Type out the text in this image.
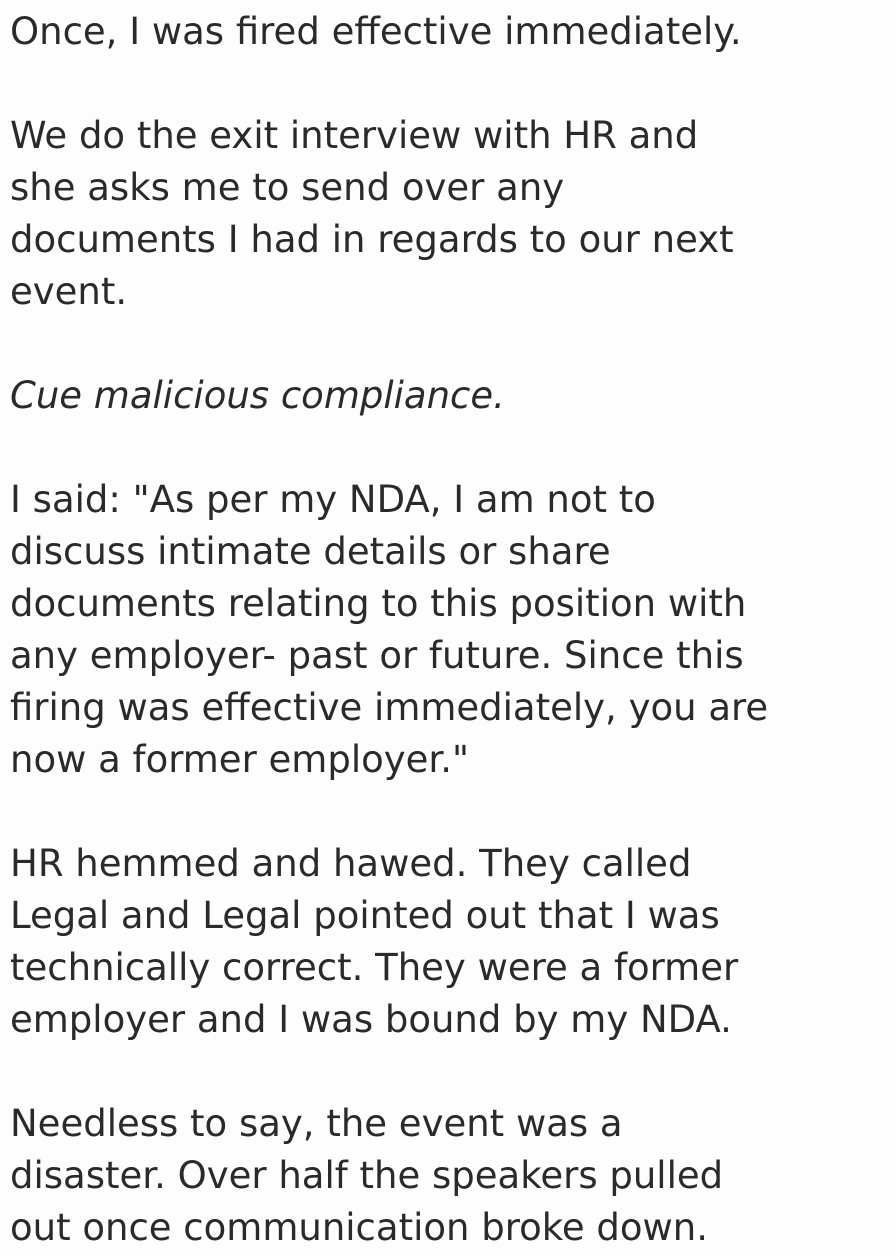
Once, I was fired effective immediately.

We do the exit interview with HR and
she asks me to send over any
documents I had in regards to our next
event.

Cue malicious compliance.

I said: "As per my NDA, I am not to
discuss intimate details or share
documents relating to this position with
any employer- past or future. Since this
firing was effective immediately, you are
now a former employer."

HR hemmed and hawed. They called
Legal and Legal pointed out that I was
technically correct. They were a former
employer and I was bound by my NDA.

Needless to say, the event was a
disaster. Over half the speakers pulled
out once communication broke down.
